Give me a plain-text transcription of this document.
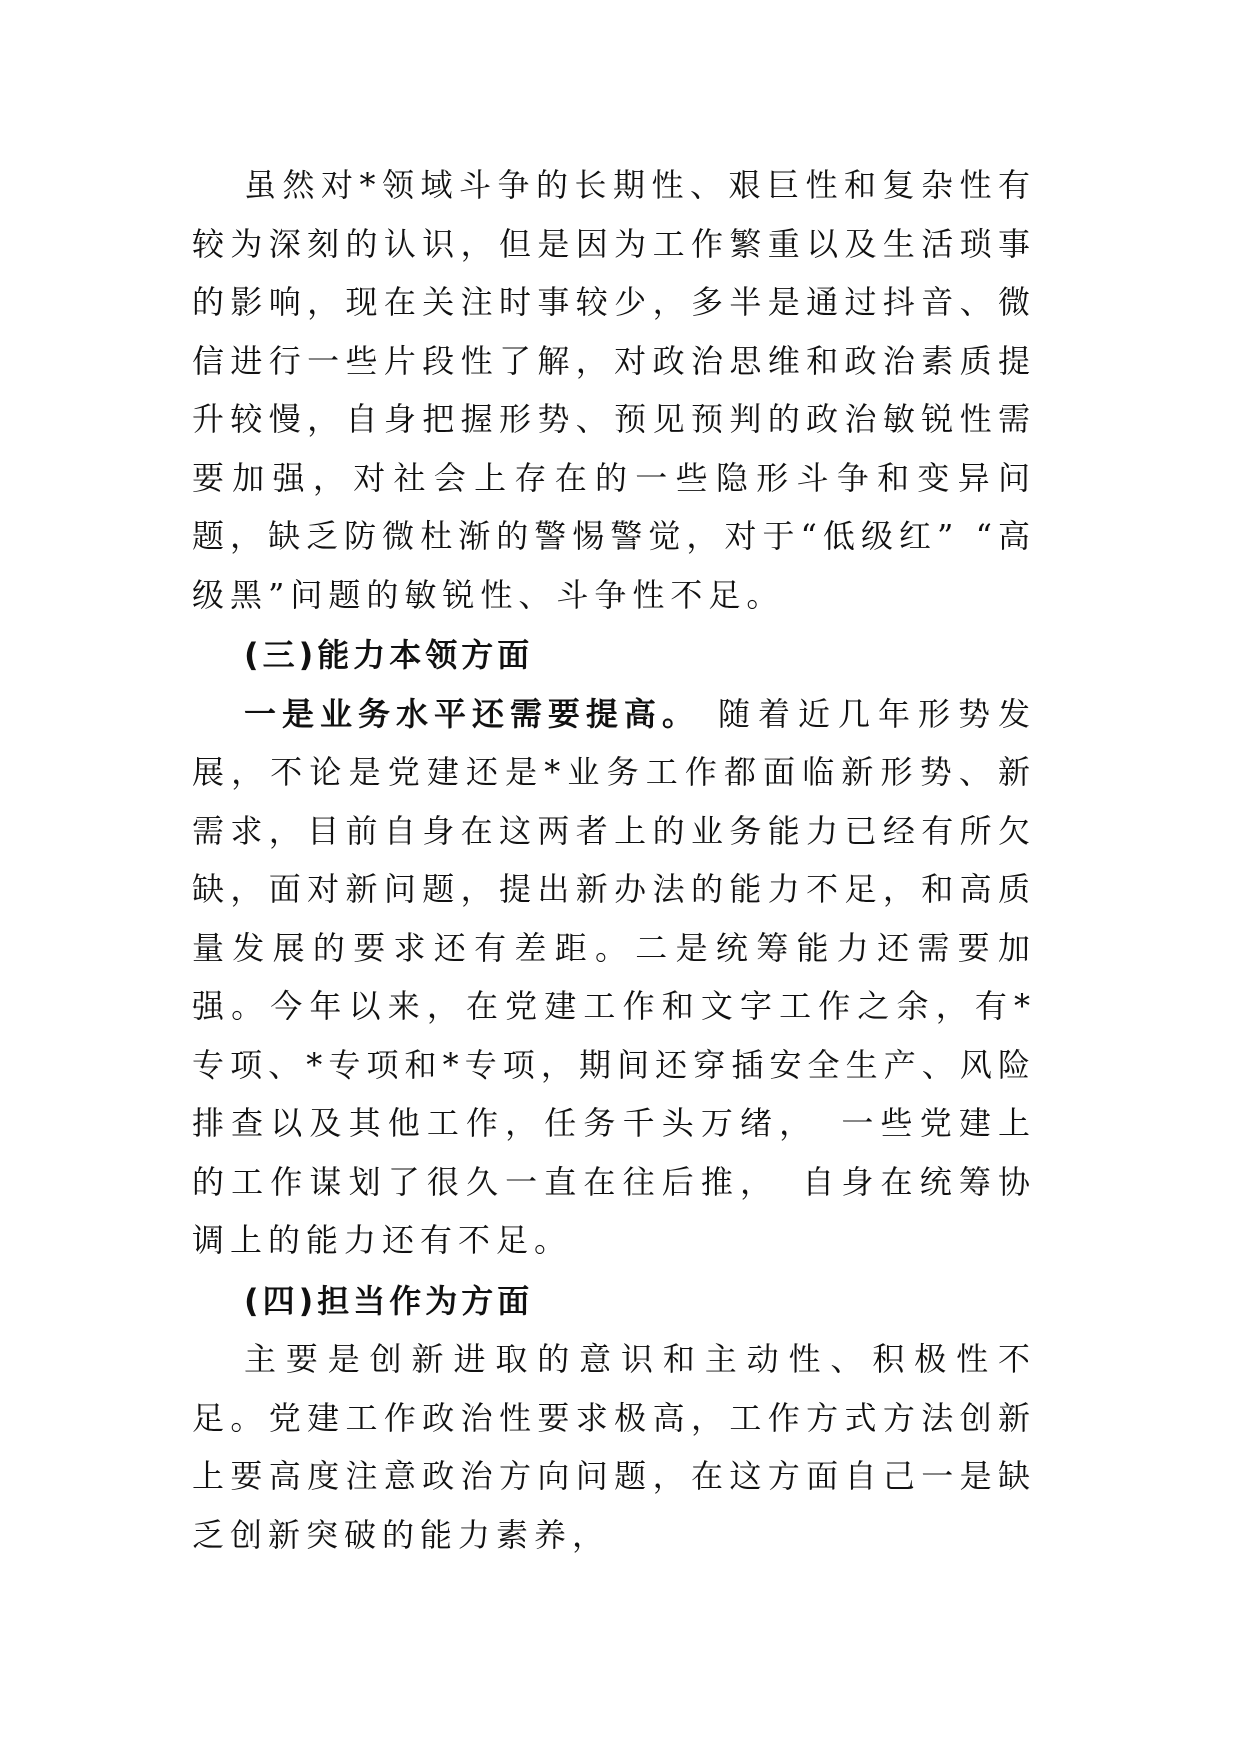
虽然对*领域斗争的长期性、艰巨性和复杂性有较为深刻的认识，但是因为工作繁重以及生活琐事的影响，现在关注时事较少，多半是通过抖音、微信进行一些片段性了解，对政治思维和政治素质提升较慢，自身把握形势、预见预判的政治敏锐性需要加强，对社会上存在的一些隐形斗争和变异问题，缺乏防微杜渐的警惕警觉，对于“低级红” “高级黑”问题的敏锐性、斗争性不足。

(三)能力本领方面

一是业务水平还需要提高。 随着近几年形势发展，不论是党建还是*业务工作都面临新形势、新需求，目前自身在这两者上的业务能力已经有所欠缺，面对新问题，提出新办法的能力不足，和高质量发展的要求还有差距。二是统筹能力还需要加强。今年以来，在党建工作和文字工作之余，有*专项、*专项和*专项，期间还穿插安全生产、风险排查以及其他工作，任务千头万绪，　一些党建上的工作谋划了很久一直在往后推，　自身在统筹协调上的能力还有不足。

(四)担当作为方面

主要是创新进取的意识和主动性、积极性不足。党建工作政治性要求极高，工作方式方法创新上要高度注意政治方向问题，在这方面自己一是缺乏创新突破的能力素养，
